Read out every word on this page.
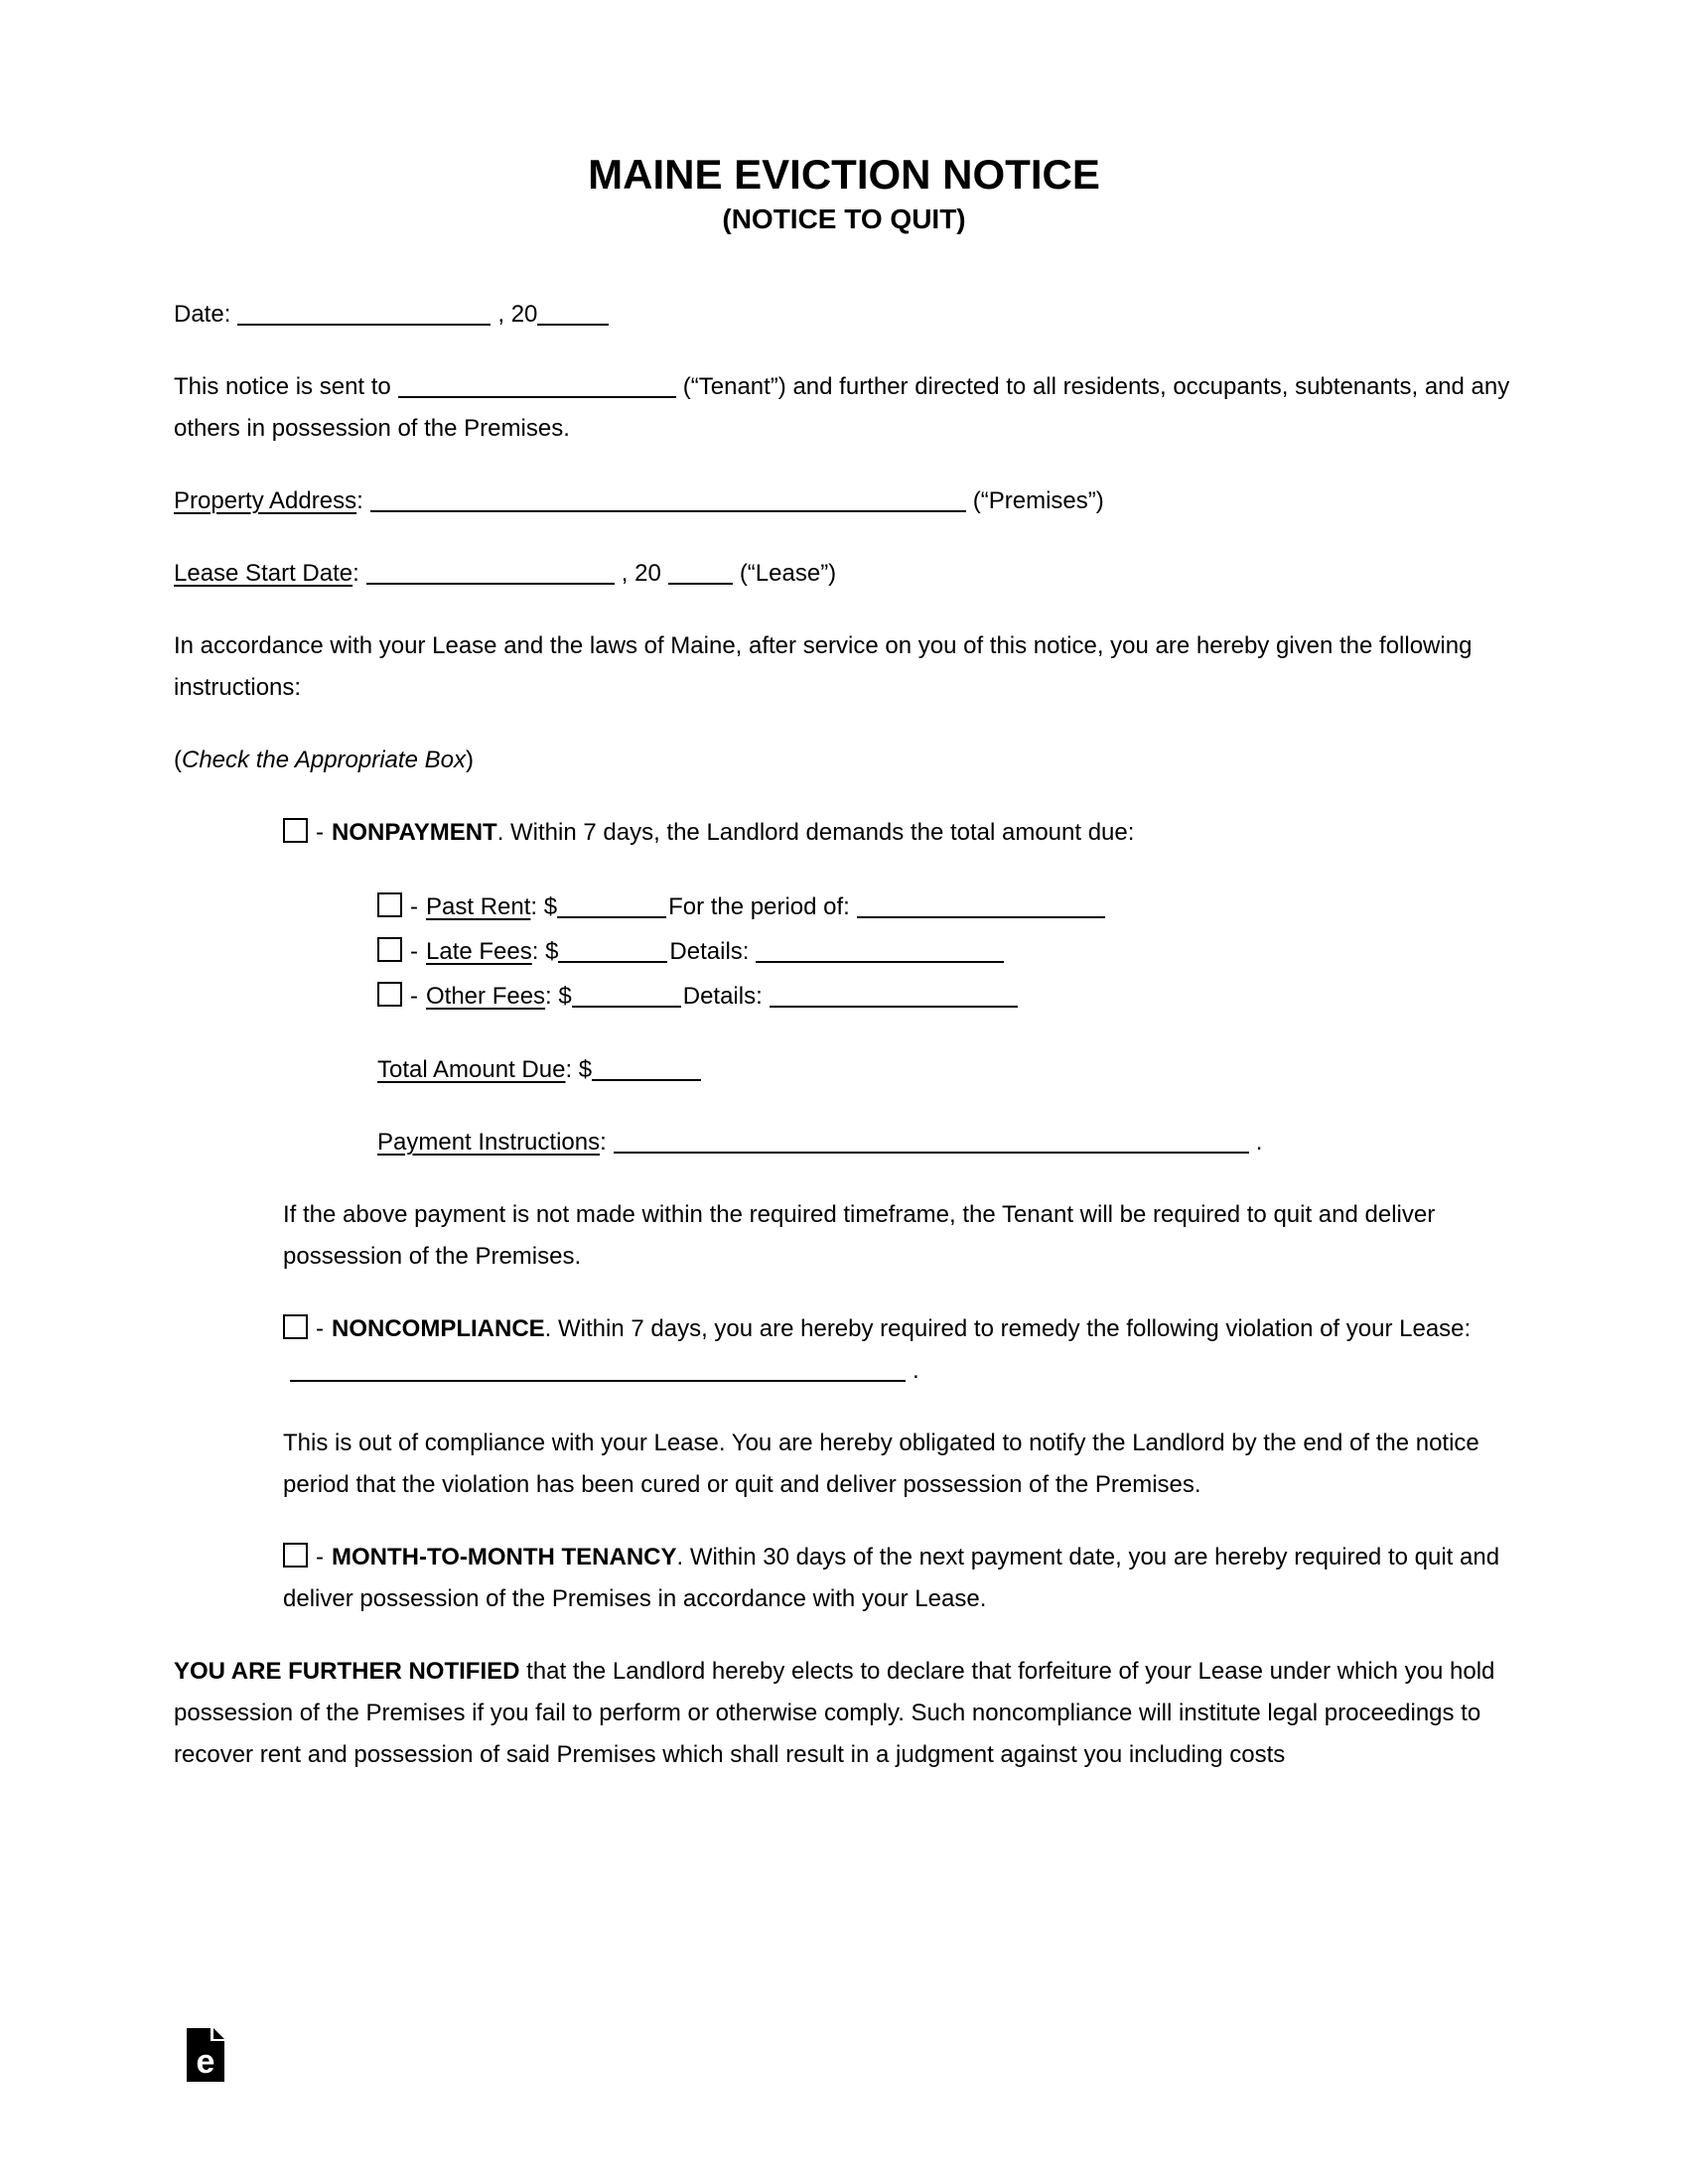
MAINE EVICTION NOTICE
(NOTICE TO QUIT)

Date:	, 20

This notice is sent to	(“Tenant”) and further directed to all residents, occupants, subtenants, and any others in possession of the Premises.

Property Address:	(“Premises”)

Lease Start Date:	, 20	(“Lease”)

In accordance with your Lease and the laws of Maine, after service on you of this notice, you are hereby given the following instructions:

(Check the Appropriate Box)

- NONPAYMENT. Within 7 days, the Landlord demands the total amount due:

- Past Rent: $	For the period of:

- Late Fees: $	Details:

- Other Fees: $	Details:

Total Amount Due: $

Payment Instructions:	.

If the above payment is not made within the required timeframe, the Tenant will be required to quit and deliver possession of the Premises.

- NONCOMPLIANCE. Within 7 days, you are hereby required to remedy the following violation of your Lease:.

This is out of compliance with your Lease. You are hereby obligated to notify the Landlord by the end of the notice period that the violation has been cured or quit and deliver possession of the Premises.

- MONTH-TO-MONTH TENANCY. Within 30 days of the next payment date, you are hereby required to quit and deliver possession of the Premises in accordance with your Lease.

YOU ARE FURTHER NOTIFIED that the Landlord hereby elects to declare that forfeiture of your Lease under which you hold possession of the Premises if you fail to perform or otherwise comply. Such noncompliance will institute legal proceedings to recover rent and possession of said Premises which shall result in a judgment against you including costs

e
